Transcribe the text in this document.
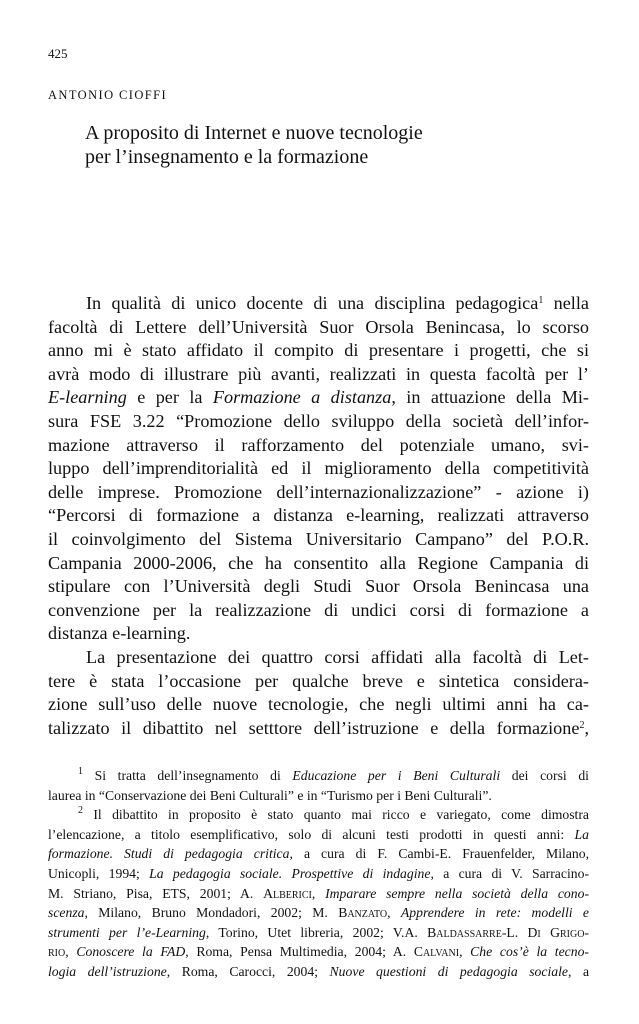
425
ANTONIO CIOFFI
A proposito di Internet e nuove tecnologie
per l’insegnamento e la formazione
In qualità di unico docente di una disciplina pedagogica$^1$ nella
facoltà di Lettere dell’Università Suor Orsola Benincasa, lo scorso
anno mi è stato affidato il compito di presentare i progetti, che si
avrà modo di illustrare più avanti, realizzati in questa facoltà per l’
E-learning e per la Formazione a distanza, in attuazione della Mi-
sura FSE 3.22 “Promozione dello sviluppo della società dell’infor-
mazione attraverso il rafforzamento del potenziale umano, svi-
luppo dell’imprenditorialità ed il miglioramento della competitività
delle imprese. Promozione dell’internazionalizzazione” - azione i)
“Percorsi di formazione a distanza e-learning, realizzati attraverso
il coinvolgimento del Sistema Universitario Campano” del P.O.R.
Campania 2000-2006, che ha consentito alla Regione Campania di
stipulare con l’Università degli Studi Suor Orsola Benincasa una
convenzione per la realizzazione di undici corsi di formazione a
distanza e-learning.
La presentazione dei quattro corsi affidati alla facoltà di Let-
tere è stata l’occasione per qualche breve e sintetica considera-
zione sull’uso delle nuove tecnologie, che negli ultimi anni ha ca-
talizzato il dibattito nel setttore dell’istruzione e della formazione$^2$,
$^1$ Si tratta dell’insegnamento di Educazione per i Beni Culturali dei corsi di
laurea in “Conservazione dei Beni Culturali” e in “Turismo per i Beni Culturali”.
$^2$ Il dibattito in proposito è stato quanto mai ricco e variegato, come dimostra
l’elencazione, a titolo esemplificativo, solo di alcuni testi prodotti in questi anni: La
formazione. Studi di pedagogia critica, a cura di F. Cambi-E. Frauenfelder, Milano,
Unicopli, 1994; La pedagogia sociale. Prospettive di indagine, a cura di V. Sarracino-
M. Striano, Pisa, ETS, 2001; A. Alberici, Imparare sempre nella società della cono-
scenza, Milano, Bruno Mondadori, 2002; M. Banzato, Apprendere in rete: modelli e
strumenti per l’e-Learning, Torino, Utet libreria, 2002; V.A. Baldassarre-L. Di Grigo-
rio, Conoscere la FAD, Roma, Pensa Multimedia, 2004; A. Calvani, Che cos’è la tecno-
logia dell’istruzione, Roma, Carocci, 2004; Nuove questioni di pedagogia sociale, a
